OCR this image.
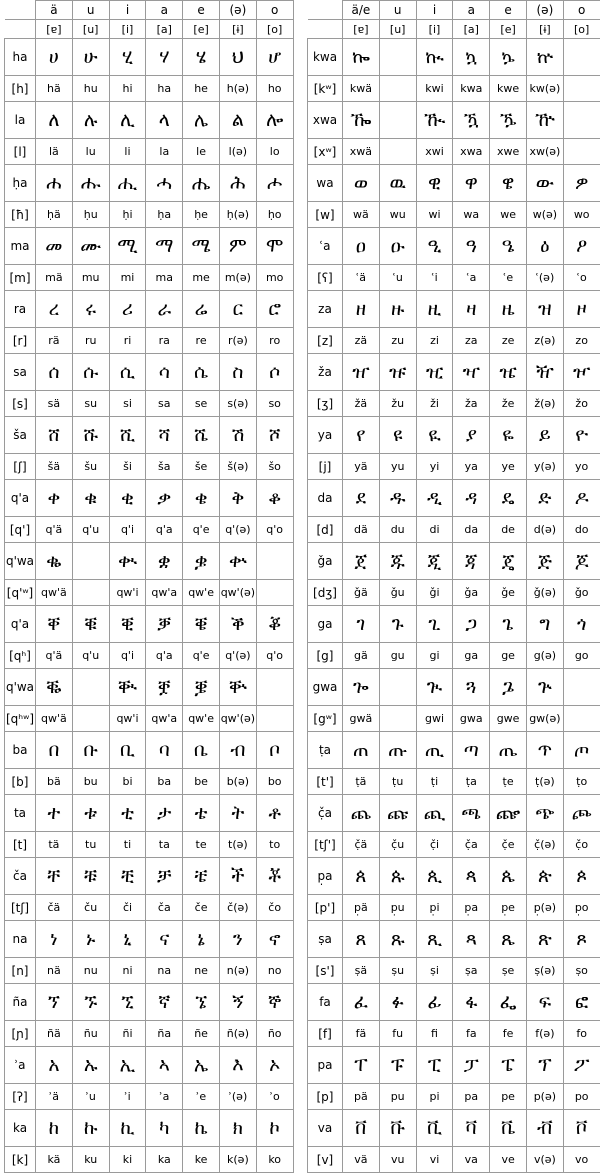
	ä	u	i	a	e	(ə)	o
	[ɐ]	[u]	[i]	[a]	[e]	[ɨ]	[o]
ha	ሀ	ሁ	ሂ	ሃ	ሄ	ህ	ሆ
[h]	hä	hu	hi	ha	he	h(ə)	ho
la	ለ	ሉ	ሊ	ላ	ሌ	ል	ሎ
[l]	lä	lu	li	la	le	l(ə)	lo
ḥa	ሐ	ሑ	ሒ	ሓ	ሔ	ሕ	ሖ
[ħ]	ḥä	ḥu	ḥi	ḥa	ḥe	ḥ(ə)	ḥo
ma	መ	ሙ	ሚ	ማ	ሜ	ም	ሞ
[m]	mä	mu	mi	ma	me	m(ə)	mo
ra	ረ	ሩ	ሪ	ራ	ሬ	ር	ሮ
[r]	rä	ru	ri	ra	re	r(ə)	ro
sa	ሰ	ሱ	ሲ	ሳ	ሴ	ስ	ሶ
[s]	sä	su	si	sa	se	s(ə)	so
ša	ሸ	ሹ	ሺ	ሻ	ሼ	ሽ	ሾ
[ʃ]	šä	šu	ši	ša	še	š(ə)	šo
q'a	ቀ	ቁ	ቂ	ቃ	ቄ	ቅ	ቆ
[q']	q'ä	q'u	q'i	q'a	q'e	q'(ə)	q'o
q'wa	ቈ		ቊ	ቋ	ቌ	ቍ	
[q'ʷ]	qw'ä		qw'i	qw'a	qw'e	qw'(ə)	
q'a	ቐ	ቑ	ቒ	ቓ	ቔ	ቕ	ቖ
[qʰ]	q'ä	q'u	q'i	q'a	q'e	q'(ə)	q'o
q'wa	ቘ		ቚ	ቛ	ቜ	ቝ	
[qʰʷ]	qw'ä		qw'i	qw'a	qw'e	qw'(ə)	
ba	በ	ቡ	ቢ	ባ	ቤ	ብ	ቦ
[b]	bä	bu	bi	ba	be	b(ə)	bo
ta	ተ	ቱ	ቲ	ታ	ቴ	ት	ቶ
[t]	tä	tu	ti	ta	te	t(ə)	to
ča	ቸ	ቹ	ቺ	ቻ	ቼ	ች	ቾ
[tʃ]	čä	ču	či	ča	če	č(ə)	čo
na	ነ	ኑ	ኒ	ና	ኔ	ን	ኖ
[n]	nä	nu	ni	na	ne	n(ə)	no
ña	ኘ	ኙ	ኚ	ኛ	ኜ	ኝ	ኞ
[ɲ]	ñä	ñu	ñi	ña	ñe	ñ(ə)	ño
ʾa	አ	ኡ	ኢ	ኣ	ኤ	እ	ኦ
[ʔ]	ʾä	ʾu	ʾi	ʾa	ʾe	ʾ(ə)	ʾo
ka	ከ	ኩ	ኪ	ካ	ኬ	ክ	ኮ
[k]	kä	ku	ki	ka	ke	k(ə)	ko
	ä/e	u	i	a	e	(ə)	o
	[ɐ]	[u]	[i]	[a]	[e]	[ɨ]	[o]
kwa	ኰ		ኲ	ኳ	ኴ	ኵ	
[kʷ]	kwä		kwi	kwa	kwe	kw(ə)	
xwa	ዀ		ዂ	ዃ	ዄ	ዅ	
[xʷ]	xwä		xwi	xwa	xwe	xw(ə)	
wa	ወ	ዉ	ዊ	ዋ	ዌ	ው	ዎ
[w]	wä	wu	wi	wa	we	w(ə)	wo
ʿa	ዐ	ዑ	ዒ	ዓ	ዔ	ዕ	ዖ
[ʕ]	ʿä	ʿu	ʿi	ʿa	ʿe	ʿ(ə)	ʿo
za	ዘ	ዙ	ዚ	ዛ	ዜ	ዝ	ዞ
[z]	zä	zu	zi	za	ze	z(ə)	zo
ža	ዠ	ዡ	ዢ	ዣ	ዤ	ዥ	ዦ
[ʒ]	žä	žu	ži	ža	že	ž(ə)	žo
ya	የ	ዩ	ዪ	ያ	ዬ	ይ	ዮ
[j]	yä	yu	yi	ya	ye	y(ə)	yo
da	ደ	ዱ	ዲ	ዳ	ዴ	ድ	ዶ
[d]	dä	du	di	da	de	d(ə)	do
ǧa	ጀ	ጁ	ጂ	ጃ	ጄ	ጅ	ጆ
[dʒ]	ǧä	ǧu	ǧi	ǧa	ǧe	ǧ(ə)	ǧo
ga	ገ	ጉ	ጊ	ጋ	ጌ	ግ	ጎ
[g]	gä	gu	gi	ga	ge	g(ə)	go
gwa	ጐ		ጒ	ጓ	ጔ	ጕ	
[gʷ]	gwä		gwi	gwa	gwe	gw(ə)	
ṭa	ጠ	ጡ	ጢ	ጣ	ጤ	ጥ	ጦ
[t']	ṭä	ṭu	ṭi	ṭa	ṭe	ṭ(ə)	ṭo
č̣a	ጨ	ጩ	ጪ	ጫ	ጬ	ጭ	ጮ
[tʃ']	č̣ä	č̣u	č̣i	č̣a	č̣e	č̣(ə)	č̣o
p̣a	ጰ	ጱ	ጲ	ጳ	ጴ	ጵ	ጶ
[p']	p̣ä	p̣u	p̣i	p̣a	p̣e	p̣(ə)	p̣o
ṣa	ጸ	ጹ	ጺ	ጻ	ጼ	ጽ	ጾ
[s']	ṣä	ṣu	ṣi	ṣa	ṣe	ṣ(ə)	ṣo
fa	ፈ	ፉ	ፊ	ፋ	ፌ	ፍ	ፎ
[f]	fä	fu	fi	fa	fe	f(ə)	fo
pa	ፐ	ፑ	ፒ	ፓ	ፔ	ፕ	ፖ
[p]	pä	pu	pi	pa	pe	p(ə)	po
va	ቨ	ቩ	ቪ	ቫ	ቬ	ቭ	ቮ
[v]	vä	vu	vi	va	ve	v(ə)	vo
